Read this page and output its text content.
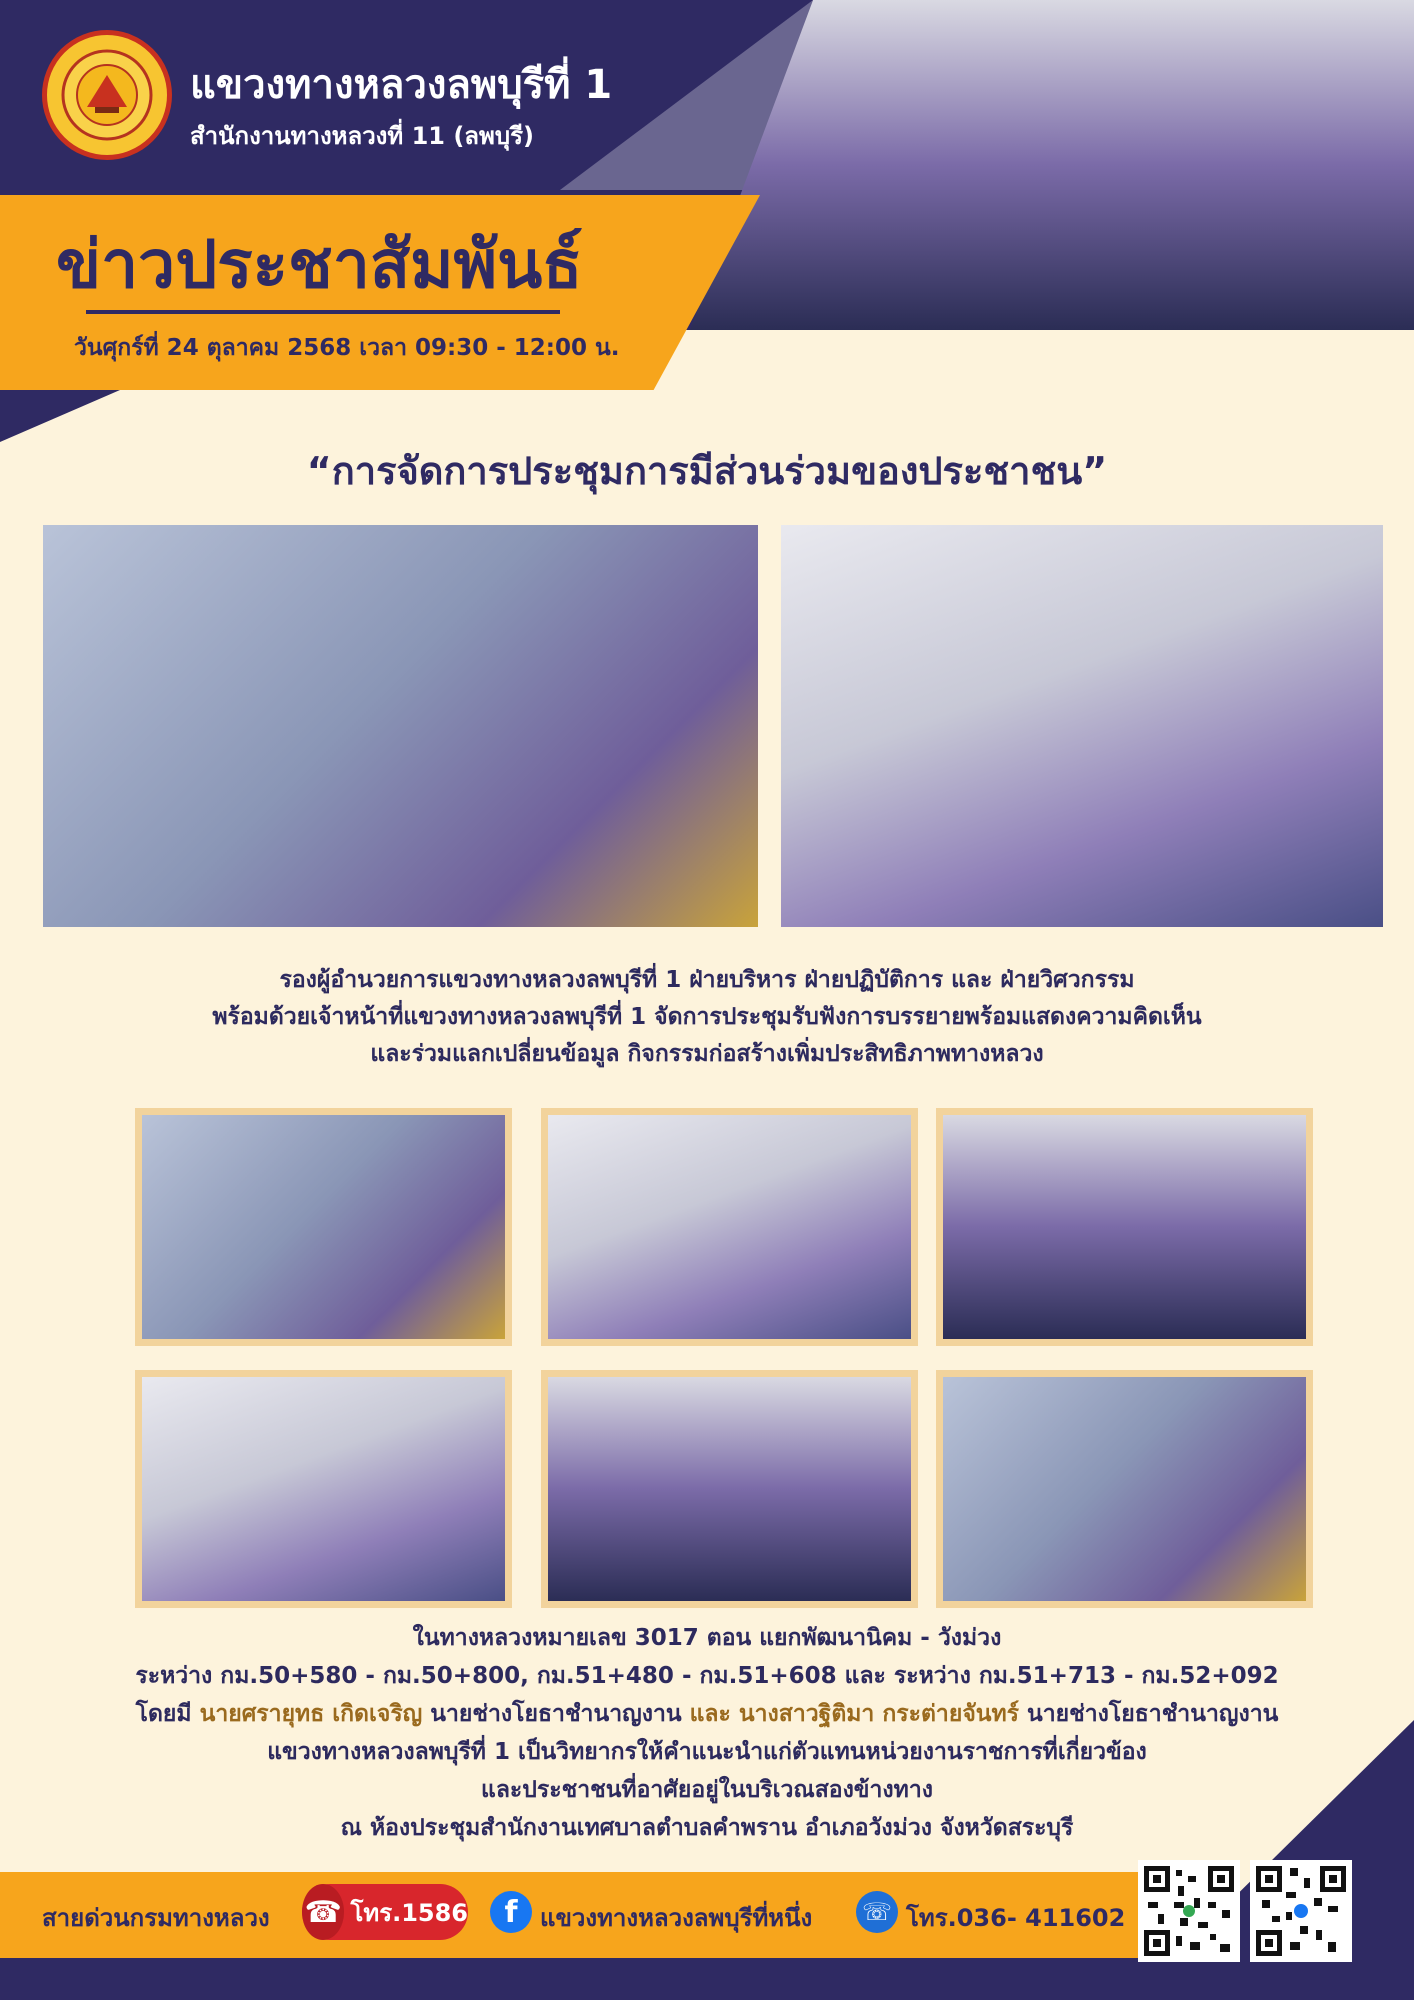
แขวงทางหลวงลพบุรีที่ 1
สำนักงานทางหลวงที่ 11 (ลพบุรี)
ข่าวประชาสัมพันธ์
วันศุกร์ที่ 24 ตุลาคม 2568 เวลา 09:30 - 12:00 น.
“การจัดการประชุมการมีส่วนร่วมของประชาชน”
รองผู้อำนวยการแขวงทางหลวงลพบุรีที่ 1 ฝ่ายบริหาร ฝ่ายปฏิบัติการ และ ฝ่ายวิศวกรรม
พร้อมด้วยเจ้าหน้าที่แขวงทางหลวงลพบุรีที่ 1 จัดการประชุมรับฟังการบรรยายพร้อมแสดงความคิดเห็น
และร่วมแลกเปลี่ยนข้อมูล กิจกรรมก่อสร้างเพิ่มประสิทธิภาพทางหลวง
ในทางหลวงหมายเลข 3017 ตอน แยกพัฒนานิคม - วังม่วง
ระหว่าง กม.50+580 - กม.50+800, กม.51+480 - กม.51+608 และ ระหว่าง กม.51+713 - กม.52+092
โดยมี นายศรายุทธ เกิดเจริญ นายช่างโยธาชำนาญงาน และ นางสาวฐิติมา กระต่ายจันทร์ นายช่างโยธาชำนาญงาน
แขวงทางหลวงลพบุรีที่ 1 เป็นวิทยากรให้คำแนะนำแก่ตัวแทนหน่วยงานราชการที่เกี่ยวข้อง
และประชาชนที่อาศัยอยู่ในบริเวณสองข้างทาง
ณ ห้องประชุมสำนักงานเทศบาลตำบลคำพราน อำเภอวังม่วง จังหวัดสระบุรี
สายด่วนกรมทางหลวง ☎ โทร.1586	f แขวงทางหลวงลพบุรีที่หนึ่ง ☏ โทร.036- 411602
